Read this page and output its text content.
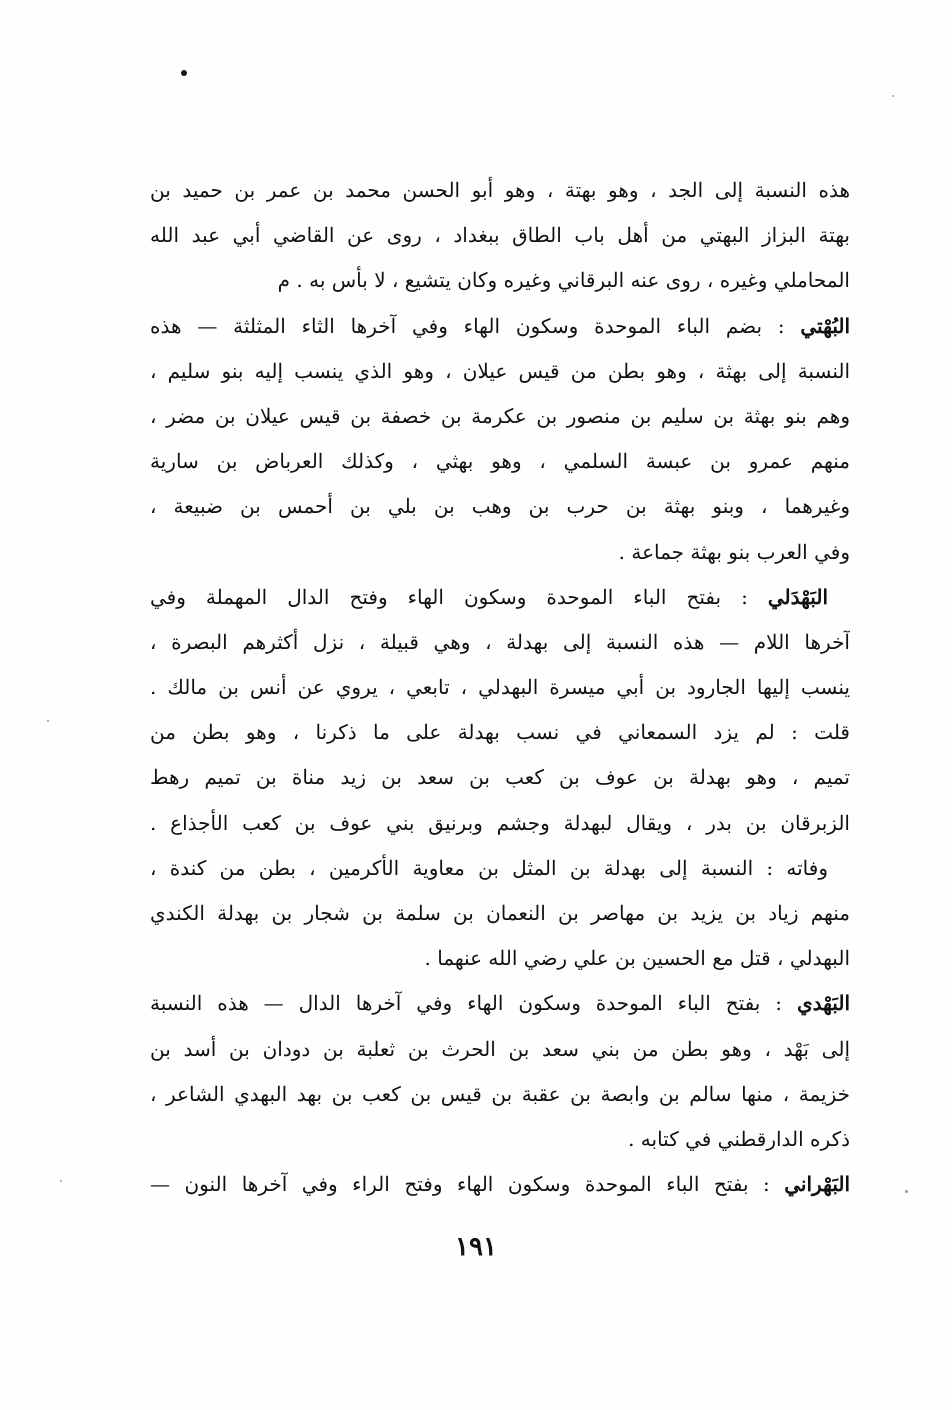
هذه النسبة إلى الجد ، وهو بهتة ، وهو أبو الحسن محمد بن عمر بن حميد بن
بهتة البزاز البهتي من أهل باب الطاق ببغداد ، روى عن القاضي أبي عبد الله
المحاملي وغيره ، روى عنه البرقاني وغيره وكان يتشيع ، لا بأس به . م
البُهْتي : بضم الباء الموحدة وسكون الهاء وفي آخرها الثاء المثلثة — هذه
النسبة إلى بهثة ، وهو بطن من قيس عيلان ، وهو الذي ينسب إليه بنو سليم ،
وهم بنو بهثة بن سليم بن منصور بن عكرمة بن خصفة بن قيس عيلان بن مضر ،
منهم عمرو بن عبسة السلمي ، وهو بهثي ، وكذلك العرباض بن سارية
وغيرهما ، وبنو بهثة بن حرب بن وهب بن بلي بن أحمس بن ضبيعة ،
وفي العرب بنو بهثة جماعة .
البَهْدَلي : بفتح الباء الموحدة وسكون الهاء وفتح الدال المهملة وفي
آخرها اللام — هذه النسبة إلى بهدلة ، وهي قبيلة ، نزل أكثرهم البصرة ،
ينسب إليها الجارود بن أبي ميسرة البهدلي ، تابعي ، يروي عن أنس بن مالك .
قلت : لم يزد السمعاني في نسب بهدلة على ما ذكرنا ، وهو بطن من
تميم ، وهو بهدلة بن عوف بن كعب بن سعد بن زيد مناة بن تميم رهط
الزبرقان بن بدر ، ويقال لبهدلة وجشم وبرنيق بني عوف بن كعب الأجذاع .
وفاته : النسبة إلى بهدلة بن المثل بن معاوية الأكرمين ، بطن من كندة ،
منهم زياد بن يزيد بن مهاصر بن النعمان بن سلمة بن شجار بن بهدلة الكندي
البهدلي ، قتل مع الحسين بن علي رضي الله عنهما .
البَهْدي : بفتح الباء الموحدة وسكون الهاء وفي آخرها الدال — هذه النسبة
إلى بَهْد ، وهو بطن من بني سعد بن الحرث بن ثعلبة بن دودان بن أسد بن
خزيمة ، منها سالم بن وابصة بن عقبة بن قيس بن كعب بن بهد البهدي الشاعر ،
ذكره الدارقطني في كتابه .
البَهْراني : بفتح الباء الموحدة وسكون الهاء وفتح الراء وفي آخرها النون —
١٩١
